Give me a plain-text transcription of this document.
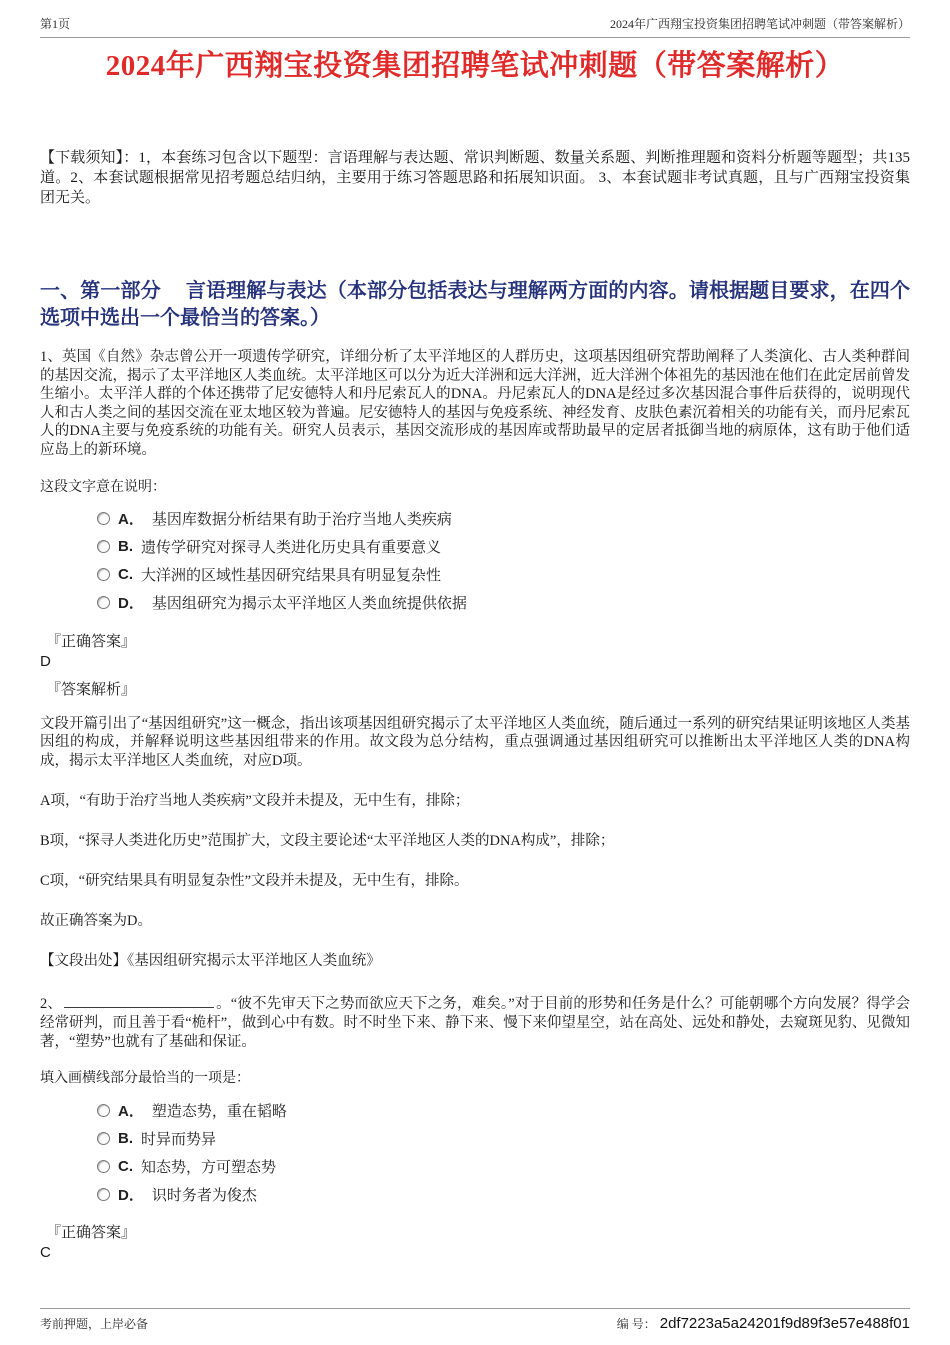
第1页	2024年广西翔宝投资集团招聘笔试冲刺题（带答案解析）
2024年广西翔宝投资集团招聘笔试冲刺题（带答案解析）

【下载须知】：1，本套练习包含以下题型：言语理解与表达题、常识判断题、数量关系题、判断推理题和资料分析题等题型；共135道。2、本套试题根据常见招考题总结归纳，主要用于练习答题思路和拓展知识面。 3、本套试题非考试真题，且与广西翔宝投资集团无关。

一、第一部分　 言语理解与表达（本部分包括表达与理解两方面的内容。请根据题目要求，在四个选项中选出一个最恰当的答案。）

1、英国《自然》杂志曾公开一项遗传学研究，详细分析了太平洋地区的人群历史，这项基因组研究帮助阐释了人类演化、古人类种群间的基因交流，揭示了太平洋地区人类血统。太平洋地区可以分为近大洋洲和远大洋洲，近大洋洲个体祖先的基因池在他们在此定居前曾发生缩小。太平洋人群的个体还携带了尼安德特人和丹尼索瓦人的DNA。丹尼索瓦人的DNA是经过多次基因混合事件后获得的，说明现代人和古人类之间的基因交流在亚太地区较为普遍。尼安德特人的基因与免疫系统、神经发育、皮肤色素沉着相关的功能有关，而丹尼索瓦人的DNA主要与免疫系统的功能有关。研究人员表示，基因交流形成的基因库或帮助最早的定居者抵御当地的病原体，这有助于他们适应岛上的新环境。

这段文字意在说明：

A． 基因库数据分析结果有助于治疗当地人类疾病
B. 遗传学研究对探寻人类进化历史具有重要意义
C. 大洋洲的区域性基因研究结果具有明显复杂性
D． 基因组研究为揭示太平洋地区人类血统提供依据
『正确答案』
D
『答案解析』

文段开篇引出了“基因组研究”这一概念，指出该项基因组研究揭示了太平洋地区人类血统，随后通过一系列的研究结果证明该地区人类基因组的构成，并解释说明这些基因组带来的作用。故文段为总分结构，重点强调通过基因组研究可以推断出太平洋地区人类的DNA构成，揭示太平洋地区人类血统，对应D项。

A项，“有助于治疗当地人类疾病”文段并未提及，无中生有，排除；

B项，“探寻人类进化历史”范围扩大，文段主要论述“太平洋地区人类的DNA构成”，排除；

C项，“研究结果具有明显复杂性”文段并未提及，无中生有，排除。

故正确答案为D。

【文段出处】《基因组研究揭示太平洋地区人类血统》

2、	。“彼不先审天下之势而欲应天下之务，难矣。”对于目前的形势和任务是什么？可能朝哪个方向发展？得学会经常研判，而且善于看“桅杆”，做到心中有数。时不时坐下来、静下来、慢下来仰望星空，站在高处、远处和静处，去窥斑见豹、见微知著，“塑势”也就有了基础和保证。

填入画横线部分最恰当的一项是：

A． 塑造态势，重在韬略
B. 时异而势异
C. 知态势，方可塑态势
D． 识时务者为俊杰
『正确答案』
C
考前押题，上岸必备	编 号： 2df7223a5a24201f9d89f3e57e488f01
